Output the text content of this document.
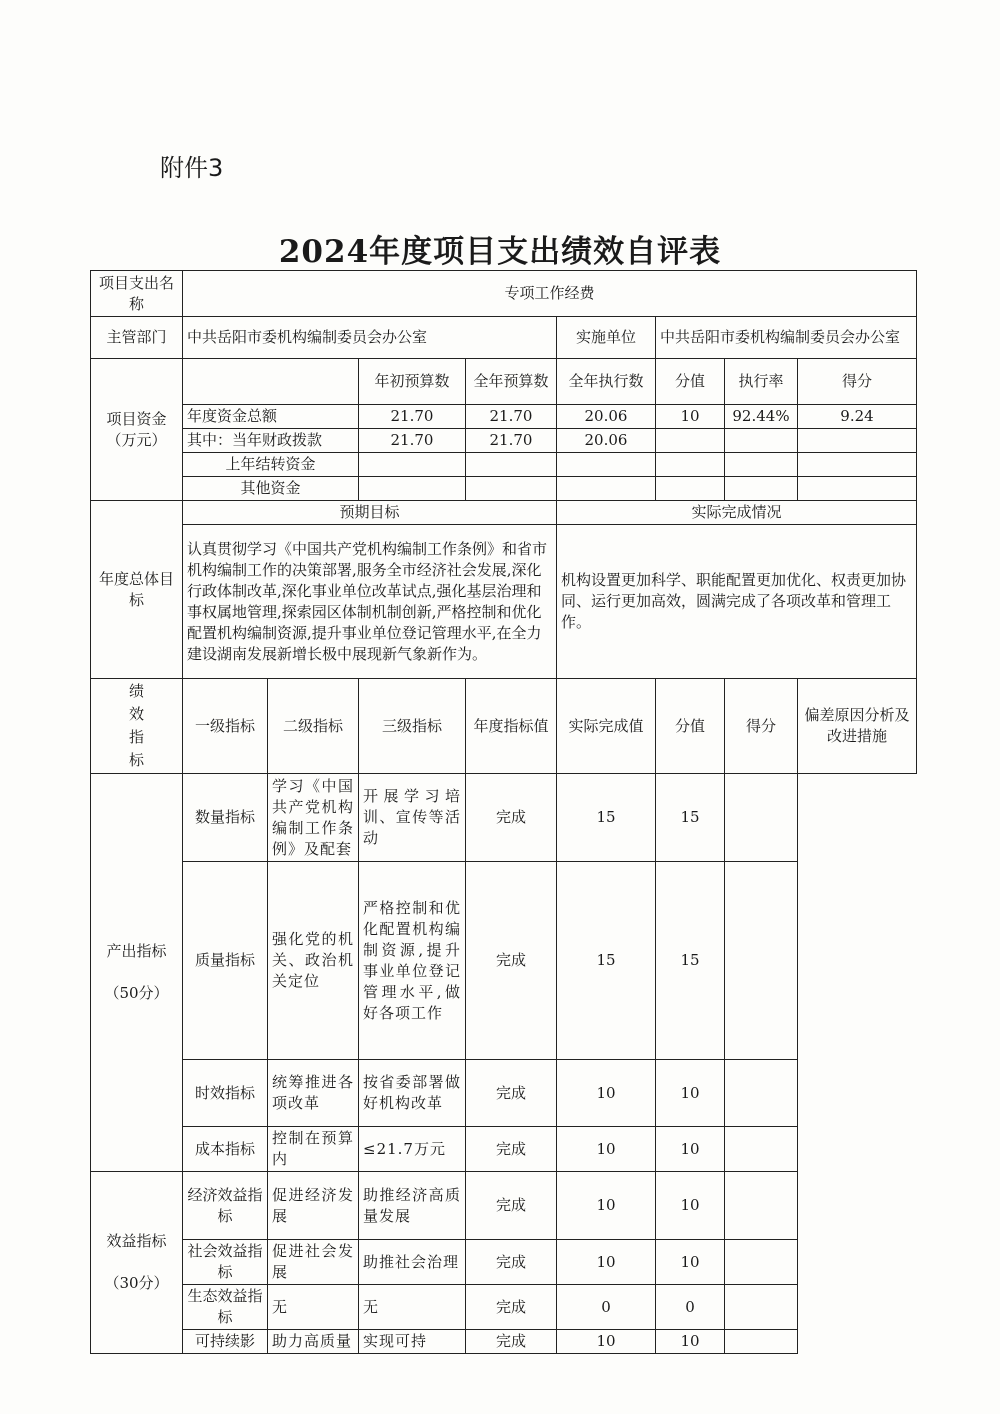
附件3
2024年度项目支出绩效自评表
项目支出名称	专项工作经费							
主管部门	中共岳阳市委机构编制委员会办公室				实施单位	中共岳阳市委机构编制委员会办公室		
项目资金（万元）			年初预算数	全年预算数	全年执行数	分值	执行率	得分
	年度资金总额		21.70	21.70	20.06	10	92.44%	9.24
	其中：当年财政拨款		21.70	21.70	20.06			
	上年结转资金							
	其他资金							
年度总体目标	预期目标				实际完成情况			
	认真贯彻学习《中国共产党机构编制工作条例》和省市机构编制工作的决策部署,服务全市经济社会发展,深化行政体制改革,深化事业单位改革试点,强化基层治理和事权属地管理,探索园区体制机制创新,严格控制和优化配置机构编制资源,提升事业单位登记管理水平,在全力建设湖南发展新增长极中展现新气象新作为。				机构设置更加科学、职能配置更加优化、权责更加协同、运行更加高效，圆满完成了各项改革和管理工作。			

绩效指标	一级指标	二级指标	三级指标	年度指标值	实际完成值	分值	得分	偏差原因分析及改进措施
产出指标

（50分）	数量指标	学习《中国共产党机构编制工作条例》及配套	开展学习培训、宣传等活动	完成	15	15		
	质量指标	强化党的机关、政治机关定位	严格控制和优化配置机构编制资源,提升事业单位登记管理水平,做好各项工作	完成	15	15		
	时效指标	统筹推进各项改革	按省委部署做好机构改革	完成	10	10		
	成本指标	控制在预算内	≤21.7万元	完成	10	10		
效益指标

（30分）	经济效益指标	促进经济发展	助推经济高质量发展	完成	10	10		
	社会效益指标	促进社会发展	助推社会治理	完成	10	10		
	生态效益指标	无	无	完成	0	0		
	可持续影	助力高质量	实现可持	完成	10	10		
